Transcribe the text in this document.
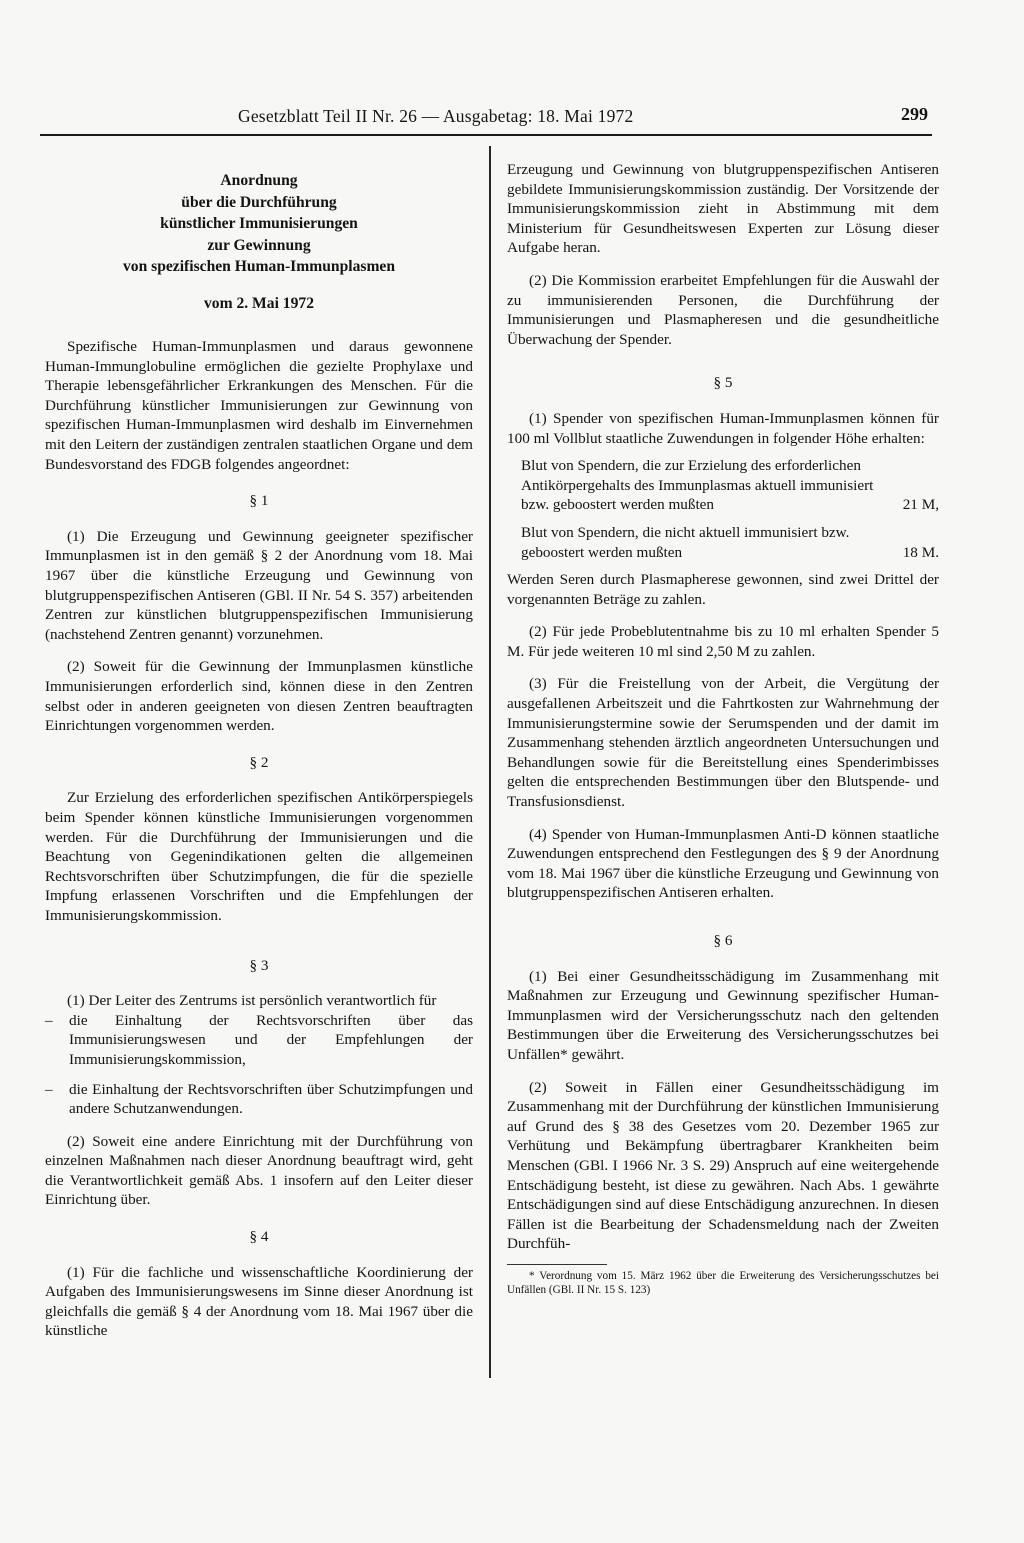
Gesetzblatt Teil II Nr. 26 — Ausgabetag: 18. Mai 1972	299
Anordnung
über die Durchführung
künstlicher Immunisierungen
zur Gewinnung
von spezifischen Human-Immunplasmen
vom 2. Mai 1972

Spezifische Human-Immunplasmen und daraus gewonnene Human-Immunglobuline ermöglichen die gezielte Prophylaxe und Therapie lebensgefährlicher Erkrankungen des Menschen. Für die Durchführung künstlicher Immunisierungen zur Gewinnung von spezifischen Human-Immunplasmen wird deshalb im Einvernehmen mit den Leitern der zuständigen zentralen staatlichen Organe und dem Bundesvorstand des FDGB folgendes angeordnet:

§ 1

(1) Die Erzeugung und Gewinnung geeigneter spezifischer Immunplasmen ist in den gemäß § 2 der Anordnung vom 18. Mai 1967 über die künstliche Erzeugung und Gewinnung von blutgruppenspezifischen Antiseren (GBl. II Nr. 54 S. 357) arbeitenden Zentren zur künstlichen blutgruppenspezifischen Immunisierung (nachstehend Zentren genannt) vorzunehmen.

(2) Soweit für die Gewinnung der Immunplasmen künstliche Immunisierungen erforderlich sind, können diese in den Zentren selbst oder in anderen geeigneten von diesen Zentren beauftragten Einrichtungen vorgenommen werden.

§ 2

Zur Erzielung des erforderlichen spezifischen Antikörperspiegels beim Spender können künstliche Immunisierungen vorgenommen werden. Für die Durchführung der Immunisierungen und die Beachtung von Gegenindikationen gelten die allgemeinen Rechtsvorschriften über Schutzimpfungen, die für die spezielle Impfung erlassenen Vorschriften und die Empfehlungen der Immunisierungskommission.

§ 3

(1) Der Leiter des Zentrums ist persönlich verantwortlich für

–	die Einhaltung der Rechtsvorschriften über das Immunisierungswesen und der Empfehlungen der Immunisierungskommission,
–	die Einhaltung der Rechtsvorschriften über Schutzimpfungen und andere Schutzanwendungen.

(2) Soweit eine andere Einrichtung mit der Durchführung von einzelnen Maßnahmen nach dieser Anordnung beauftragt wird, geht die Verantwortlichkeit gemäß Abs. 1 insofern auf den Leiter dieser Einrichtung über.

§ 4

(1) Für die fachliche und wissenschaftliche Koordinierung der Aufgaben des Immunisierungswesens im Sinne dieser Anordnung ist gleichfalls die gemäß § 4 der Anordnung vom 18. Mai 1967 über die künstliche

Erzeugung und Gewinnung von blutgruppenspezifischen Antiseren gebildete Immunisierungskommission zuständig. Der Vorsitzende der Immunisierungskommission zieht in Abstimmung mit dem Ministerium für Gesundheitswesen Experten zur Lösung dieser Aufgabe heran.

(2) Die Kommission erarbeitet Empfehlungen für die Auswahl der zu immunisierenden Personen, die Durchführung der Immunisierungen und Plasmapheresen und die gesundheitliche Überwachung der Spender.

§ 5

(1) Spender von spezifischen Human-Immunplasmen können für 100 ml Vollblut staatliche Zuwendungen in folgender Höhe erhalten:

Blut von Spendern, die zur Erzielung des erforderlichen Antikörpergehalts des Immunplasmas aktuell immunisiert bzw. geboostert werden mußten	21 M,
Blut von Spendern, die nicht aktuell immunisiert bzw. geboostert werden mußten	18 M.

Werden Seren durch Plasmapherese gewonnen, sind zwei Drittel der vorgenannten Beträge zu zahlen.

(2) Für jede Probeblutentnahme bis zu 10 ml erhalten Spender 5 M. Für jede weiteren 10 ml sind 2,50 M zu zahlen.

(3) Für die Freistellung von der Arbeit, die Vergütung der ausgefallenen Arbeitszeit und die Fahrtkosten zur Wahrnehmung der Immunisierungstermine sowie der Serumspenden und der damit im Zusammenhang stehenden ärztlich angeordneten Untersuchungen und Behandlungen sowie für die Bereitstellung eines Spenderimbisses gelten die entsprechenden Bestimmungen über den Blutspende- und Transfusionsdienst.

(4) Spender von Human-Immunplasmen Anti-D können staatliche Zuwendungen entsprechend den Festlegungen des § 9 der Anordnung vom 18. Mai 1967 über die künstliche Erzeugung und Gewinnung von blutgruppenspezifischen Antiseren erhalten.

§ 6

(1) Bei einer Gesundheitsschädigung im Zusammenhang mit Maßnahmen zur Erzeugung und Gewinnung spezifischer Human-Immunplasmen wird der Versicherungsschutz nach den geltenden Bestimmungen über die Erweiterung des Versicherungsschutzes bei Unfällen* gewährt.

(2) Soweit in Fällen einer Gesundheitsschädigung im Zusammenhang mit der Durchführung der künstlichen Immunisierung auf Grund des § 38 des Gesetzes vom 20. Dezember 1965 zur Verhütung und Bekämpfung übertragbarer Krankheiten beim Menschen (GBl. I 1966 Nr. 3 S. 29) Anspruch auf eine weitergehende Entschädigung besteht, ist diese zu gewähren. Nach Abs. 1 gewährte Entschädigungen sind auf diese Entschädigung anzurechnen. In diesen Fällen ist die Bearbeitung der Schadensmeldung nach der Zweiten Durchfüh-

* Verordnung vom 15. März 1962 über die Erweiterung des Versicherungsschutzes bei Unfällen (GBl. II Nr. 15 S. 123)
